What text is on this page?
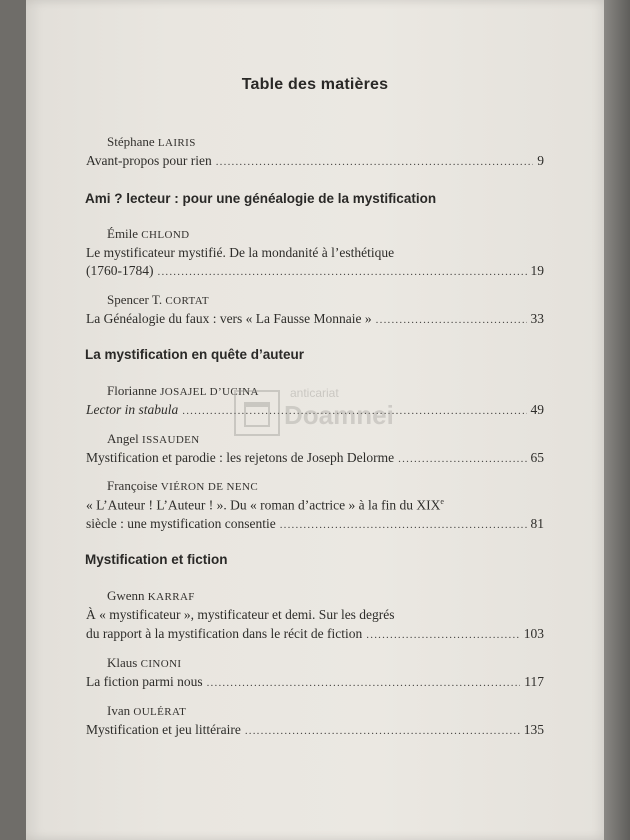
Table des matières
Stéphane LAIRIS
Avant-propos pour rien .....	9
Ami ? lecteur : pour une généalogie de la mystification
Émile CHLOND
Le mystificateur mystifié. De la mondanité à l’esthétique
(1760-1784) .....	19
Spencer T. CORTAT
La Généalogie du faux : vers « La Fausse Monnaie » .....	33
La mystification en quête d’auteur
Florianne JOSAJEL D’UCINA
Lector in stabula .....	49
Angel ISSAUDEN
Mystification et parodie : les rejetons de Joseph Delorme .....	65
Françoise VIÉRON DE NENC
« L’Auteur ! L’Auteur ! ». Du « roman d’actrice » à la fin du XIXe
siècle : une mystification consentie .....	81
Mystification et fiction
Gwenn KARRAF
À « mystificateur », mystificateur et demi. Sur les degrés
du rapport à la mystification dans le récit de fiction .....	103
Klaus CINONI
La fiction parmi nous .....	117
Ivan OULÉRAT
Mystification et jeu littéraire .....	135
anticariat
Doamnei
